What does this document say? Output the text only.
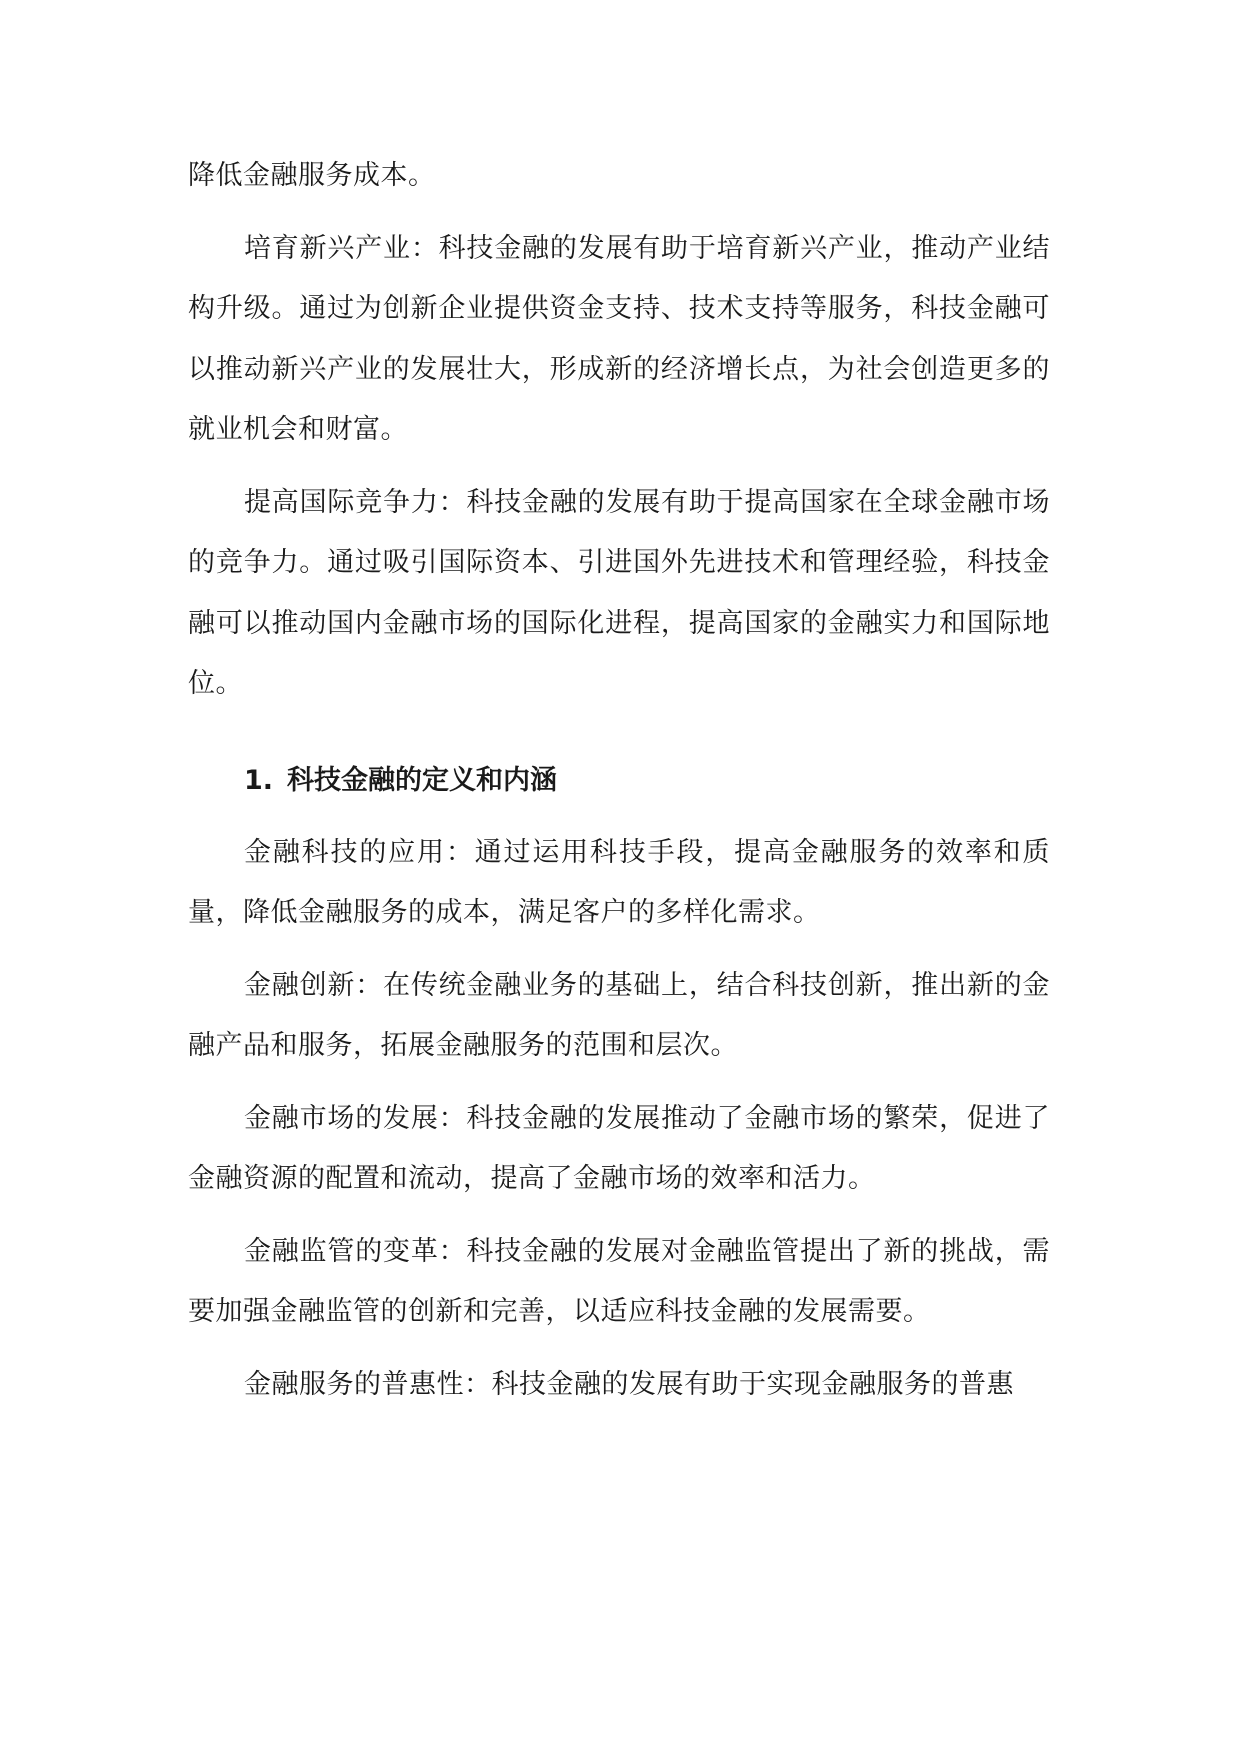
降低金融服务成本。

培育新兴产业：科技金融的发展有助于培育新兴产业，推动产业结构升级。通过为创新企业提供资金支持、技术支持等服务，科技金融可以推动新兴产业的发展壮大，形成新的经济增长点，为社会创造更多的就业机会和财富。

提高国际竞争力：科技金融的发展有助于提高国家在全球金融市场的竞争力。通过吸引国际资本、引进国外先进技术和管理经验，科技金融可以推动国内金融市场的国际化进程，提高国家的金融实力和国际地位。

1. 科技金融的定义和内涵

金融科技的应用：通过运用科技手段，提高金融服务的效率和质量，降低金融服务的成本，满足客户的多样化需求。

金融创新：在传统金融业务的基础上，结合科技创新，推出新的金融产品和服务，拓展金融服务的范围和层次。

金融市场的发展：科技金融的发展推动了金融市场的繁荣，促进了金融资源的配置和流动，提高了金融市场的效率和活力。

金融监管的变革：科技金融的发展对金融监管提出了新的挑战，需要加强金融监管的创新和完善，以适应科技金融的发展需要。

金融服务的普惠性：科技金融的发展有助于实现金融服务的普惠
